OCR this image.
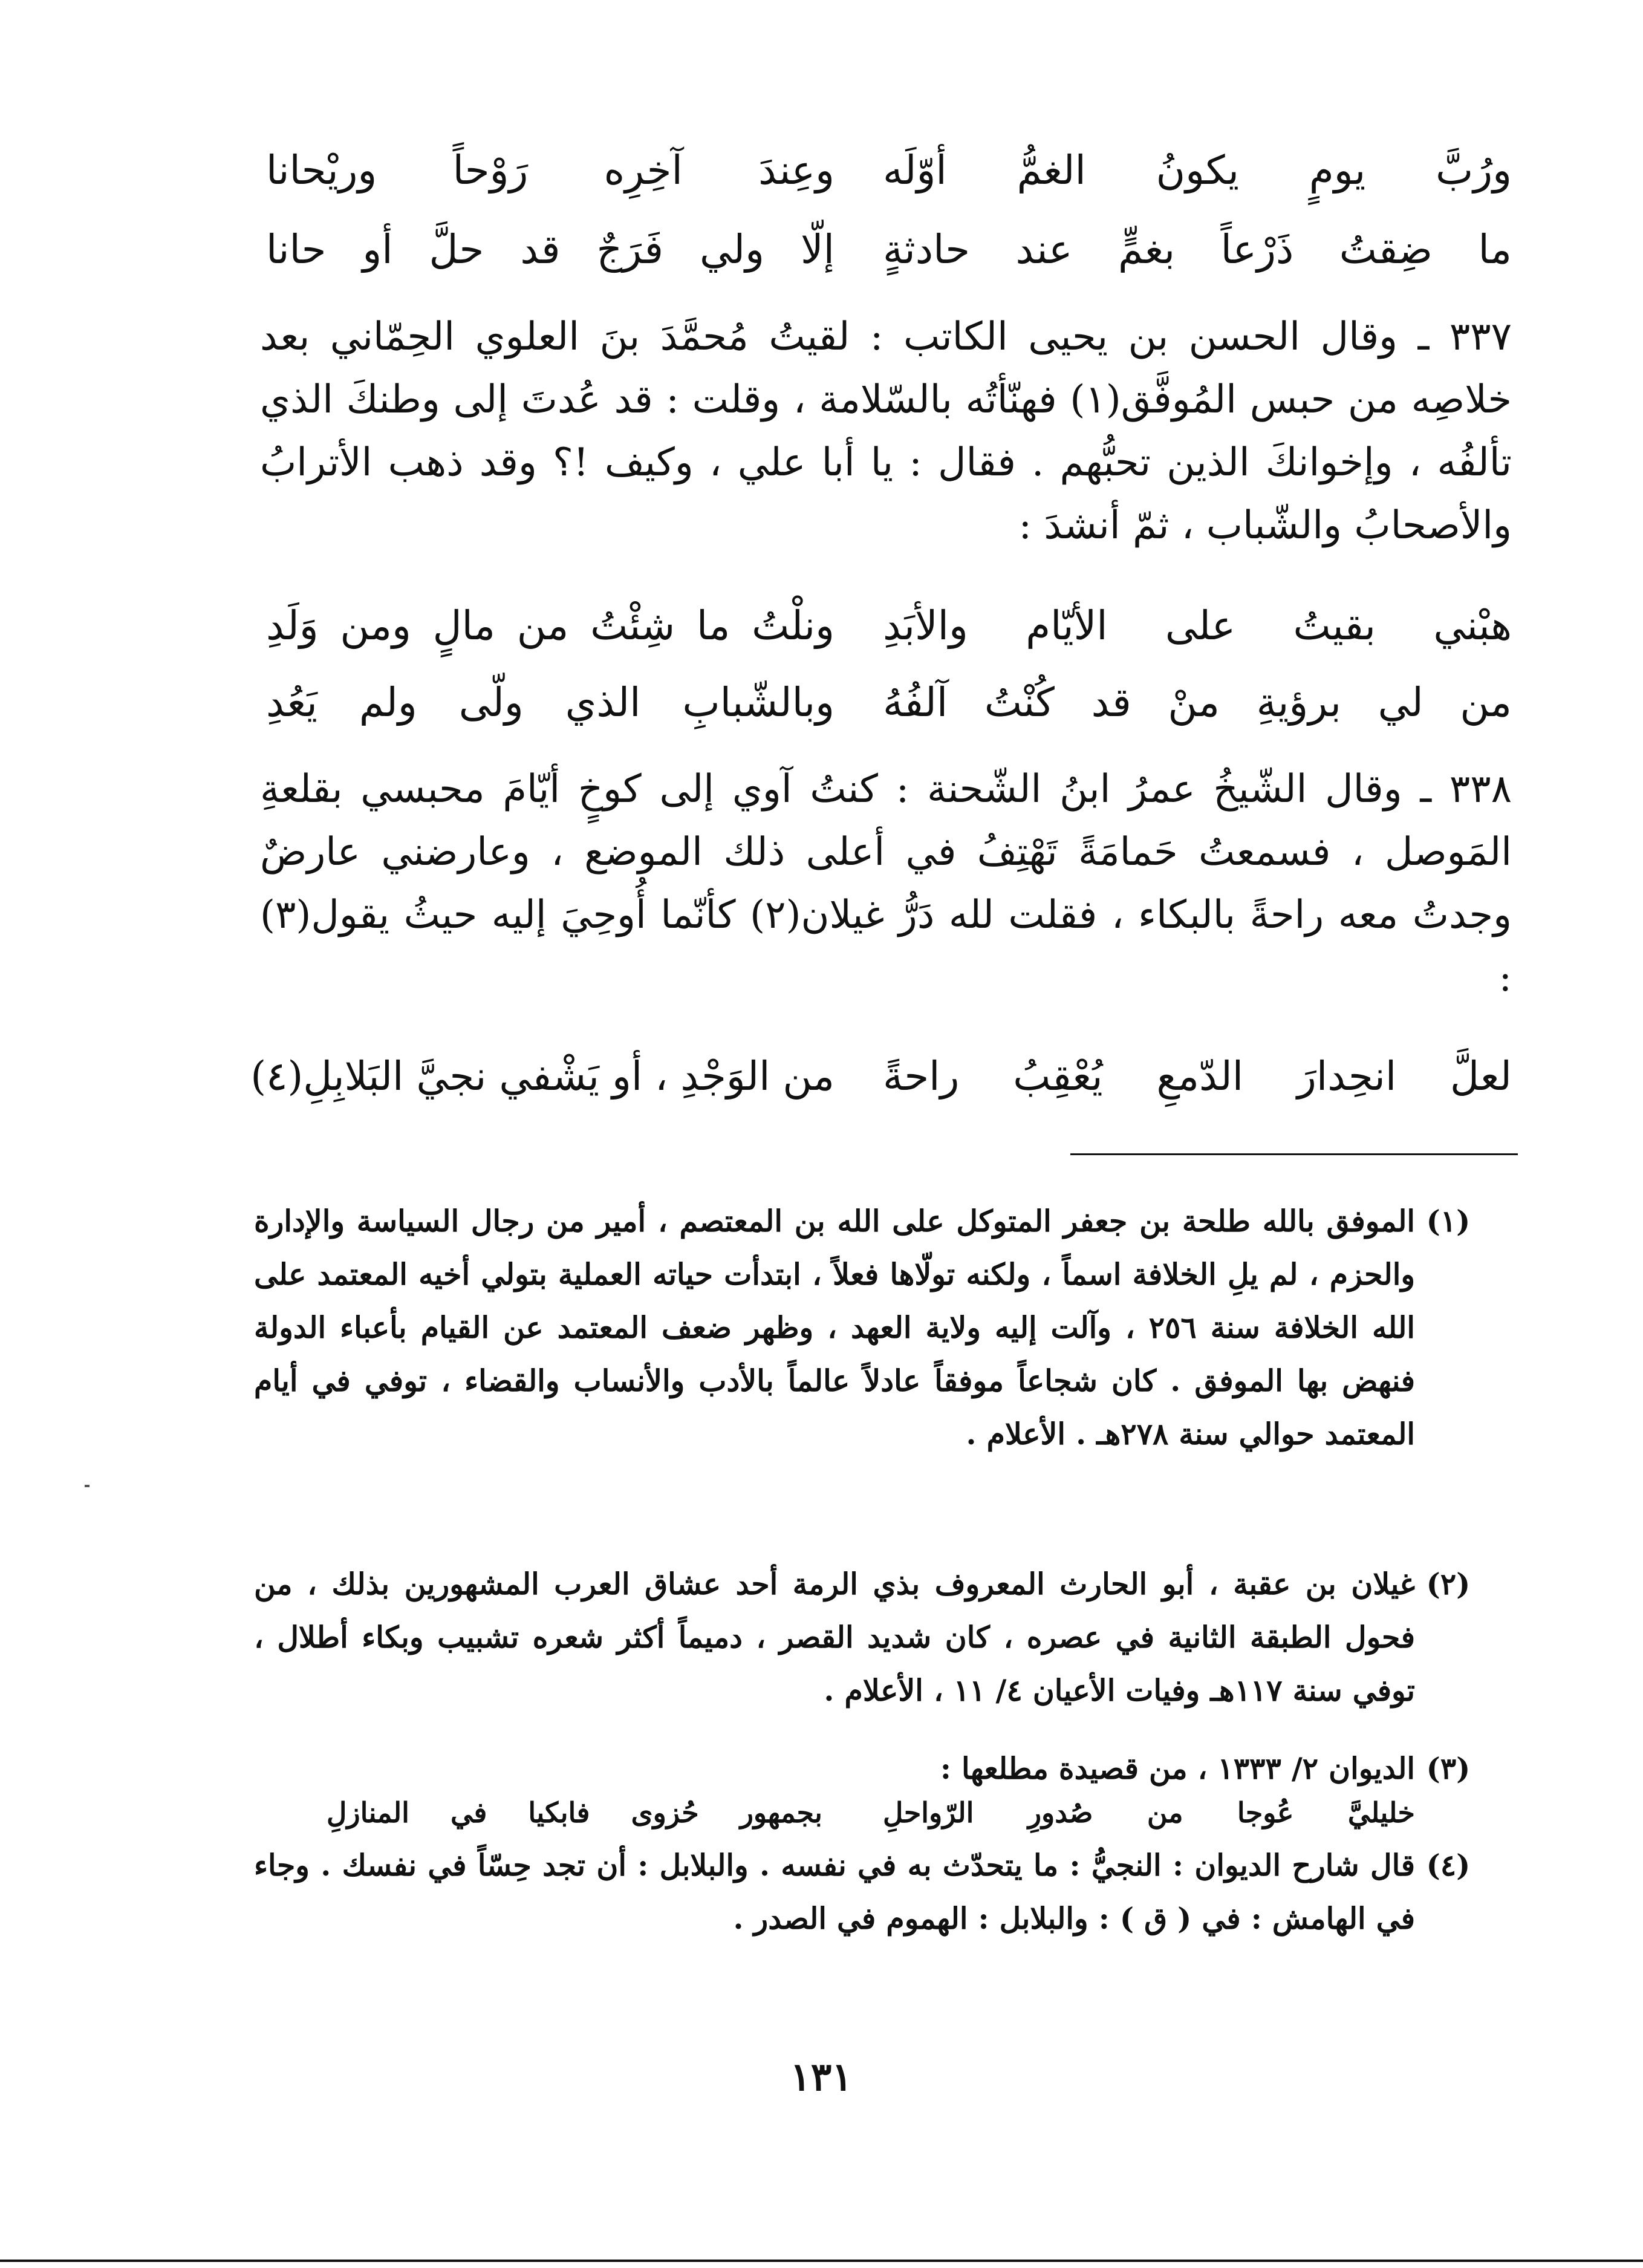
ورُبَّ يومٍ يكونُ الغمُّ أوّلَه
وعِندَ آخِرِه رَوْحاً وريْحانا
ما ضِقتُ ذَرْعاً بغمٍّ عند حادثةٍ
إلّا ولي فَرَجٌ قد حلَّ أو حانا
٣٣٧ ـ وقال الحسن بن يحيى الكاتب : لقيتُ مُحمَّدَ بنَ العلوي الحِمّاني بعد خلاصِه من حبس المُوفَّق(١) فهنّأتُه بالسّلامة ، وقلت : قد عُدتَ إلى وطنكَ الذي تألفُه ، وإخوانكَ الذين تحبُّهم . فقال : يا أبا علي ، وكيف !؟ وقد ذهب الأترابُ والأصحابُ والشّباب ، ثمّ أنشدَ :
هبْني بقيتُ على الأيّام والأبَدِ
ونلْتُ ما شِئْتُ من مالٍ ومن وَلَدِ
من لي برؤيةِ منْ قد كُنْتُ آلفُهُ
وبالشّبابِ الذي ولّى ولم يَعُدِ
٣٣٨ ـ وقال الشّيخُ عمرُ ابنُ الشّحنة : كنتُ آوي إلى كوخٍ أيّامَ محبسي بقلعةِ المَوصل ، فسمعتُ حَمامَةً تَهْتِفُ في أعلى ذلك الموضع ، وعارضني عارضٌ وجدتُ معه راحةً بالبكاء ، فقلت لله دَرُّ غيلان(٢) كأنّما أُوحِيَ إليه حيثُ يقول(٣) :
لعلَّ انحِدارَ الدّمعِ يُعْقِبُ راحةً
من الوَجْدِ ، أو يَشْفي نجيَّ البَلابِلِ(٤)
(١)
الموفق بالله طلحة بن جعفر المتوكل على الله بن المعتصم ، أمير من رجال السياسة والإدارة والحزم ، لم يلِ الخلافة اسماً ، ولكنه تولّاها فعلاً ، ابتدأت حياته العملية بتولي أخيه المعتمد على الله الخلافة سنة ٢٥٦ ، وآلت إليه ولاية العهد ، وظهر ضعف المعتمد عن القيام بأعباء الدولة فنهض بها الموفق . كان شجاعاً موفقاً عادلاً عالماً بالأدب والأنساب والقضاء ، توفي في أيام المعتمد حوالي سنة ٢٧٨هـ . الأعلام .
(٢)
غيلان بن عقبة ، أبو الحارث المعروف بذي الرمة أحد عشاق العرب المشهورين بذلك ، من فحول الطبقة الثانية في عصره ، كان شديد القصر ، دميماً أكثر شعره تشبيب وبكاء أطلال ، توفي سنة ١١٧هـ وفيات الأعيان ٤/ ١١ ، الأعلام .
(٣)
الديوان ٢/ ١٣٣٣ ، من قصيدة مطلعها :
خليليَّ عُوجا من صُدورِ الرّواحلِ
بجمهور حُزوى فابكيا في المنازلِ
(٤)
قال شارح الديوان : النجيُّ : ما يتحدّث به في نفسه . والبلابل : أن تجد حِسّاً في نفسك . وجاء في الهامش : في ( ق ) : والبلابل : الهموم في الصدر .
١٣١
